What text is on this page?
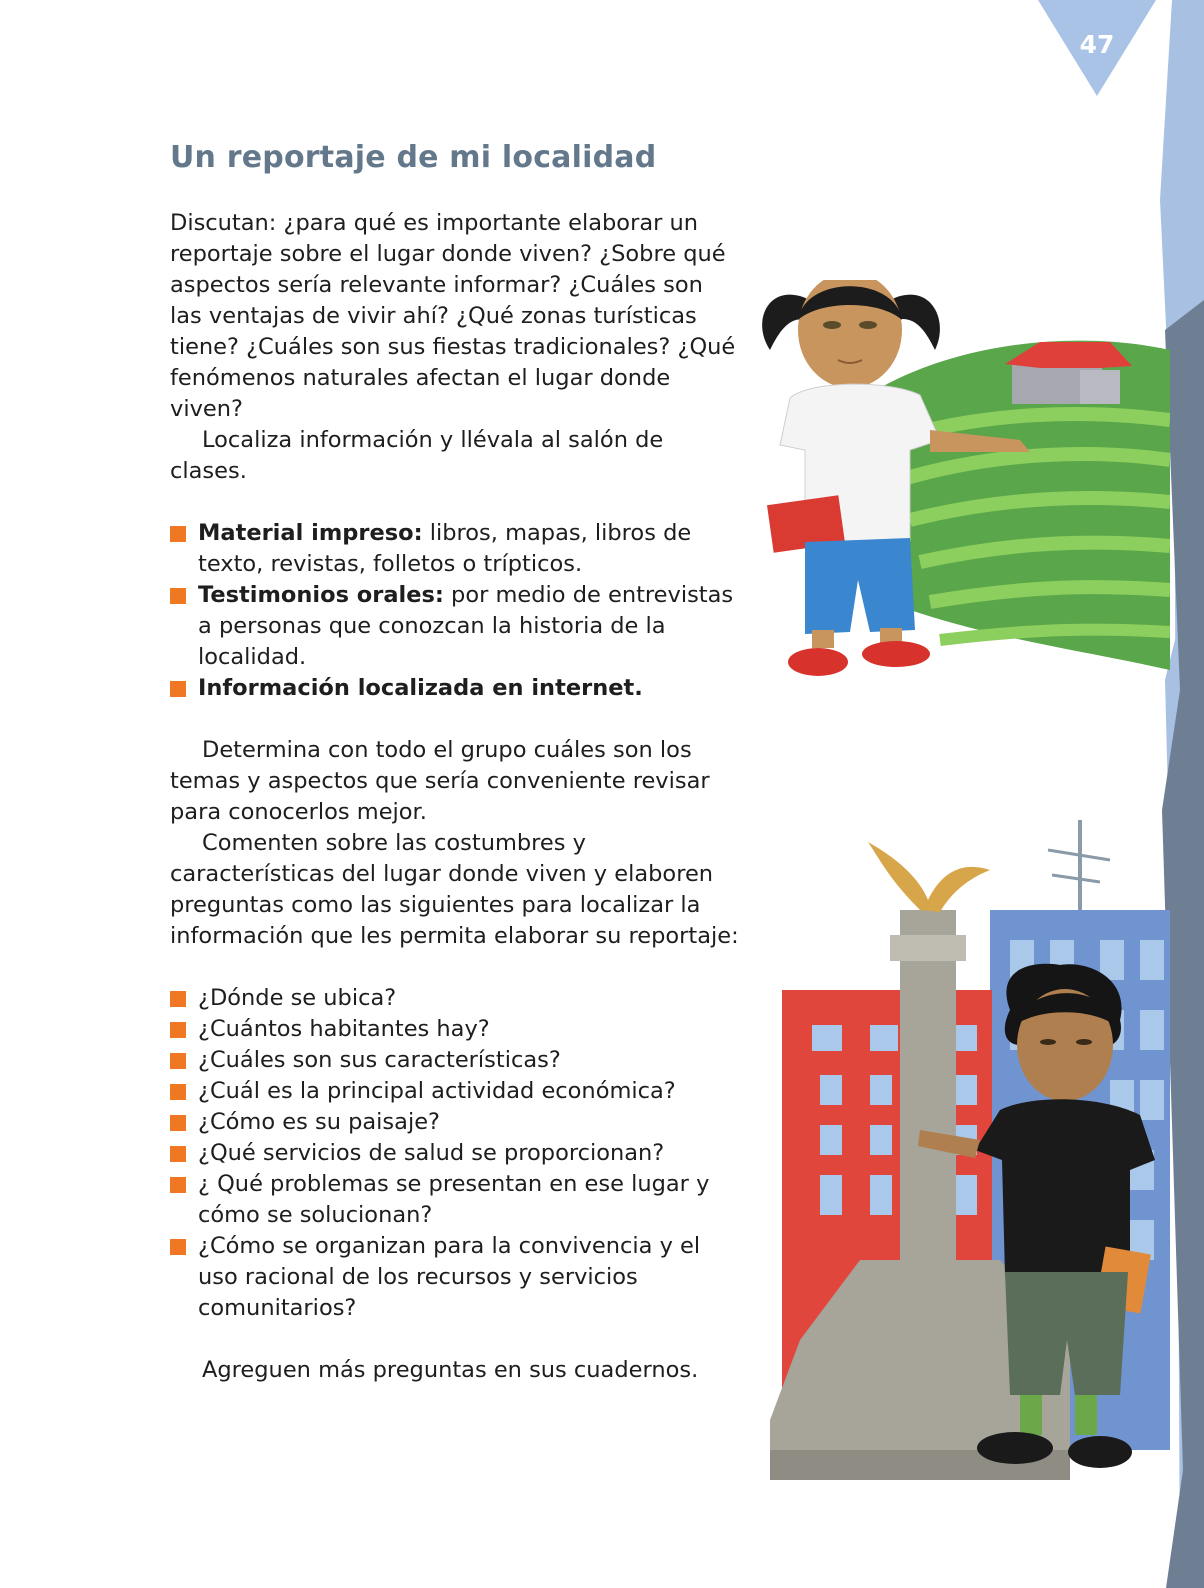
47
Un reportaje de mi localidad

Discutan: ¿para qué es importante elaborar un reportaje sobre el lugar donde viven? ¿Sobre qué aspectos sería relevante informar? ¿Cuáles son las ventajas de vivir ahí? ¿Qué zonas turísticas tiene? ¿Cuáles son sus fiestas tradicionales? ¿Qué fenómenos naturales afectan el lugar donde viven?

Localiza información y llévala al salón de clases.

Material impreso: libros, mapas, libros de texto, revistas, folletos o trípticos.
Testimonios orales: por medio de entrevistas a personas que conozcan la historia de la localidad.
Información localizada en internet.

Determina con todo el grupo cuáles son los temas y aspectos que sería conveniente revisar para conocerlos mejor.

Comenten sobre las costumbres y características del lugar donde viven y elaboren preguntas como las siguientes para localizar la información que les permita elaborar su reportaje:

¿Dónde se ubica?
¿Cuántos habitantes hay?
¿Cuáles son sus características?
¿Cuál es la principal actividad económica?
¿Cómo es su paisaje?
¿Qué servicios de salud se proporcionan?
¿ Qué problemas se presentan en ese lugar y cómo se solucionan?
¿Cómo se organizan para la convivencia y el uso racional de los recursos y servicios comunitarios?

Agreguen más preguntas en sus cuadernos.
